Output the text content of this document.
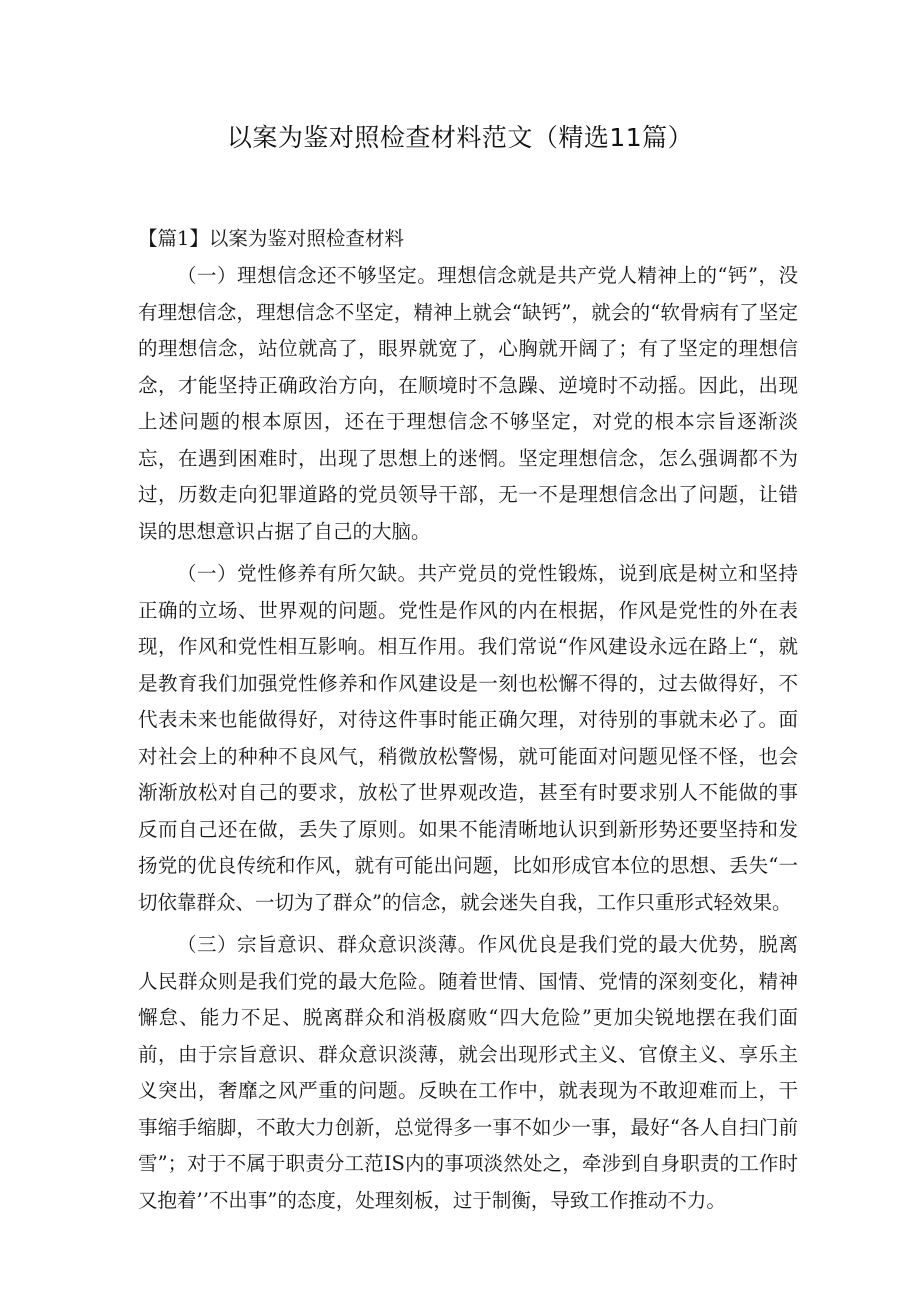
以案为鉴对照检查材料范文（精选11篇）
【篇1】以案为鉴对照检查材料

（一）理想信念还不够坚定。理想信念就是共产党人精神上的“钙”，没有理想信念，理想信念不坚定，精神上就会“缺钙”，就会的“软骨病有了坚定的理想信念，站位就高了，眼界就宽了，心胸就开阔了；有了坚定的理想信念，才能坚持正确政治方向，在顺境时不急躁、逆境时不动摇。因此，出现上述问题的根本原因，还在于理想信念不够坚定，对党的根本宗旨逐渐淡忘，在遇到困难时，出现了思想上的迷惘。坚定理想信念，怎么强调都不为过，历数走向犯罪道路的党员领导干部，无一不是理想信念出了问题，让错误的思想意识占据了自己的大脑。

（一）党性修养有所欠缺。共产党员的党性锻炼，说到底是树立和坚持正确的立场、世界观的问题。党性是作风的内在根据，作风是党性的外在表现，作风和党性相互影响。相互作用。我们常说“作风建设永远在路上“，就是教育我们加强党性修养和作风建设是一刻也松懈不得的，过去做得好，不代表未来也能做得好，对待这件事时能正确欠理，对待别的事就未必了。面对社会上的种种不良风气，稍微放松警惕，就可能面对问题见怪不怪，也会渐渐放松对自己的要求，放松了世界观改造，甚至有时要求别人不能做的事反而自己还在做，丢失了原则。如果不能清晰地认识到新形势还要坚持和发扬党的优良传统和作风，就有可能出问题，比如形成官本位的思想、丢失“一切依靠群众、一切为了群众”的信念，就会迷失自我，工作只重形式轻效果。

（三）宗旨意识、群众意识淡薄。作风优良是我们党的最大优势，脱离人民群众则是我们党的最大危险。随着世情、国情、党情的深刻变化，精神懈怠、能力不足、脱离群众和消极腐败“四大危险”更加尖锐地摆在我们面前，由于宗旨意识、群众意识淡薄，就会出现形式主义、官僚主义、享乐主义突出，奢靡之风严重的问题。反映在工作中，就表现为不敢迎难而上，干事缩手缩脚，不敢大力创新，总觉得多一事不如少一事，最好“各人自扫门前雪”；对于不属于职责分工范IS内的事项淡然处之，牵涉到自身职责的工作时又抱着’’不出事”的态度，处理刻板，过于制衡，导致工作推动不力。
